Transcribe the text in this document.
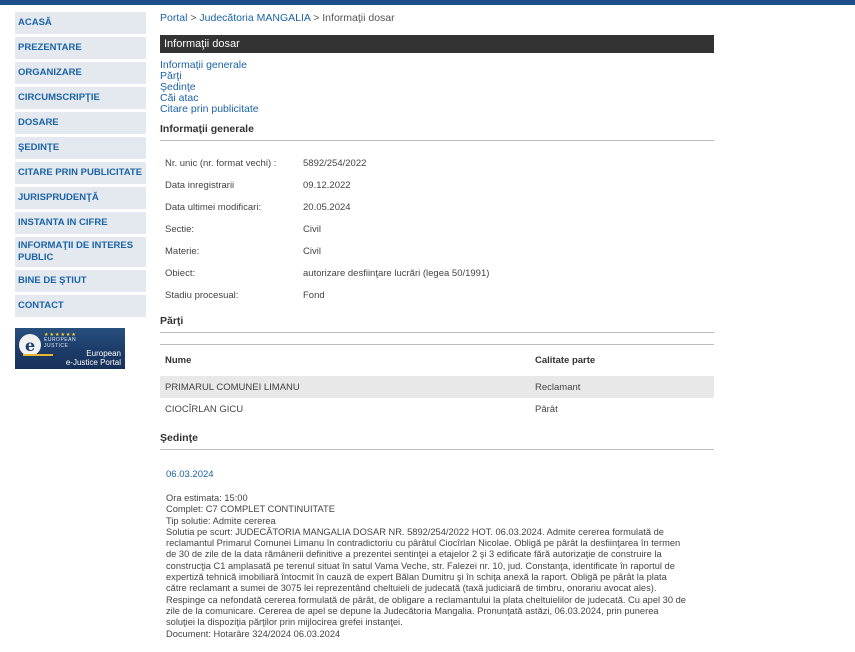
ACASĂ
PREZENTARE
ORGANIZARE
CIRCUMSCRIPŢIE
DOSARE
ŞEDINŢE
CITARE PRIN PUBLICITATE
JURISPRUDENŢĂ
INSTANTA IN CIFRE
INFORMAŢII DE INTERES PUBLIC
BINE DE ŞTIUT
CONTACT
e
★★★★★★
EUROPEAN
JUSTICE
European
e-Justice Portal
Portal > Judecătoria MANGALIA > Informaţii dosar
Informaţii dosar
Informaţii generale
Părţi
Şedinţe
Căi atac
Citare prin publicitate
Informaţii generale
Nr. unic (nr. format vechi) :	5892/254/2022
Data inregistrarii	09.12.2022
Data ultimei modificari:	20.05.2024
Sectie:	Civil
Materie:	Civil
Obiect:	autorizare desfiinţare lucrări (legea 50/1991)
Stadiu procesual:	Fond
Părţi
Nume	Calitate parte
PRIMARUL COMUNEI LIMANU	Reclamant
CIOCÎRLAN GICU	Pârât
Şedinţe
06.03.2024
Ora estimata: 15:00
Complet: C7 COMPLET CONTINUITATE
Tip solutie: Admite cererea
Solutia pe scurt: JUDECĂTORIA MANGALIA DOSAR NR. 5892/254/2022 HOT. 06.03.2024. Admite cererea formulată de reclamantul Primarul Comunei Limanu în contradictoriu cu pârâtul Ciocîrlan Nicolae. Obligă pe pârât la desfiinţarea în termen de 30 de zile de la data rămânerii definitive a prezentei sentinţei a etajelor 2 şi 3 edificate fără autorizaţie de construire la construcţia C1 amplasată pe terenul situat în satul Vama Veche, str. Falezei nr. 10, jud. Constanţa, identificate în raportul de expertiză tehnică imobiliară întocmit în cauză de expert Bălan Dumitru şi în schiţa anexă la raport. Obligă pe pârât la plata către reclamant a sumei de 3075 lei reprezentând cheltuieli de judecată (taxă judiciară de timbru, onorariu avocat ales). Respinge ca nefondată cererea formulată de pârât, de obligare a reclamantului la plata cheltuielilor de judecată. Cu apel 30 de zile de la comunicare. Cererea de apel se depune la Judecătoria Mangalia. Pronunţată astăzi, 06.03.2024, prin punerea soluţiei la dispoziţia părţilor prin mijlocirea grefei instanţei.
Document: Hotarâre 324/2024 06.03.2024
